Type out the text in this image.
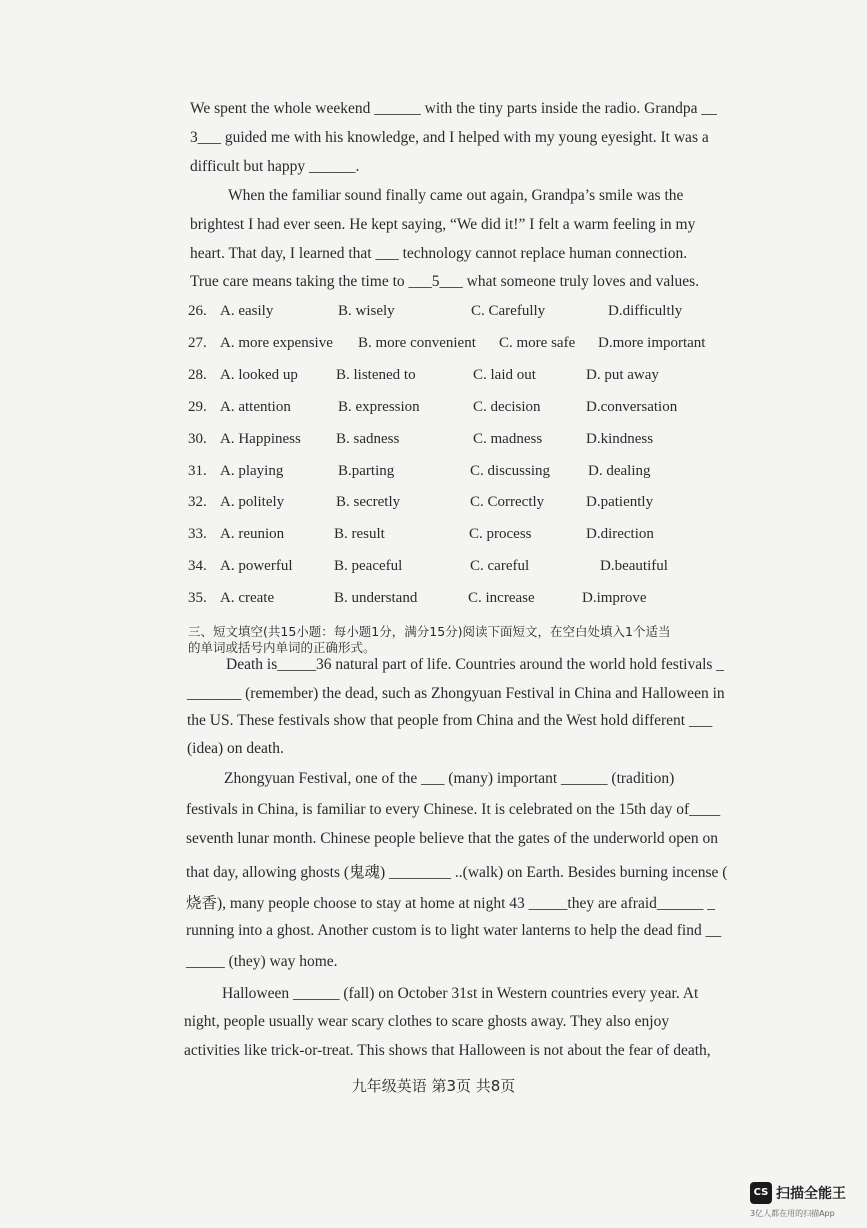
We spent the whole weekend ______ with the tiny parts inside the radio. Grandpa __
3___ guided me with his knowledge, and I helped with my young eyesight. It was a
difficult but happy ______.
When the familiar sound finally came out again, Grandpa’s smile was the
brightest I had ever seen. He kept saying, “We did it!” I felt a warm feeling in my
heart. That day, I learned that ___ technology cannot replace human connection.
True care means taking the time to ___5___ what someone truly loves and values.
26. A. easily	B. wisely	C. Carefully	D.difficultly
27. A. more expensive B. more convenient C. more safe D.more important
28. A. looked up	B. listened to	C. laid out	D. put away
29. A. attention	B. expression	C. decision	D.conversation
30. A. Happiness B. sadness	C. madness	D.kindness
31. A. playing	B.parting	C. discussing	D. dealing
32. A. politely	B. secretly	C. Correctly	D.patiently
33. A. reunion	B. result	C. process	D.direction
34. A. powerful	B. peaceful	C. careful	D.beautiful
35. A. create	B. understand	C. increase	D.improve
三、短文填空(共15小题：每小题1分，满分15分)阅读下面短文，在空白处填入1个适当
的单词或括号内单词的正确形式。
Death is_____36 natural part of life. Countries around the world hold festivals _
_______ (remember) the dead, such as Zhongyuan Festival in China and Halloween in
the US. These festivals show that people from China and the West hold different ___
(idea) on death.
Zhongyuan Festival, one of the ___ (many) important ______ (tradition)
festivals in China, is familiar to every Chinese. It is celebrated on the 15th day of____
seventh lunar month. Chinese people believe that the gates of the underworld open on
that day, allowing ghosts (鬼魂) ________ ..(walk) on Earth. Besides burning incense (
烧香), many people choose to stay at home at night 43 _____they are afraid______ _
running into a ghost. Another custom is to light water lanterns to help the dead find __
_____ (they) way home.
Halloween ______ (fall) on October 31st in Western countries every year. At
night, people usually wear scary clothes to scare ghosts away. They also enjoy
activities like trick-or-treat. This shows that Halloween is not about the fear of death,
九年级英语 第3页 共8页
CS 扫描全能王
3亿人都在用的扫描App
